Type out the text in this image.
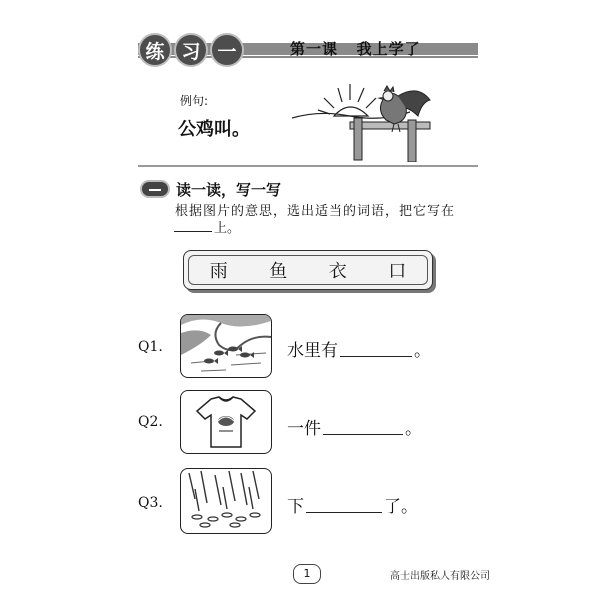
练 习 一	第一课   我上学了
例句:
公鸡叫。
读一读，写一写
根据图片的意思，选出适当的词语，把它写在
上。
雨 鱼 衣 口
Q1.	水里有	。
Q2.	一件	。
Q3.	下	了。
1	高士出版私人有限公司
